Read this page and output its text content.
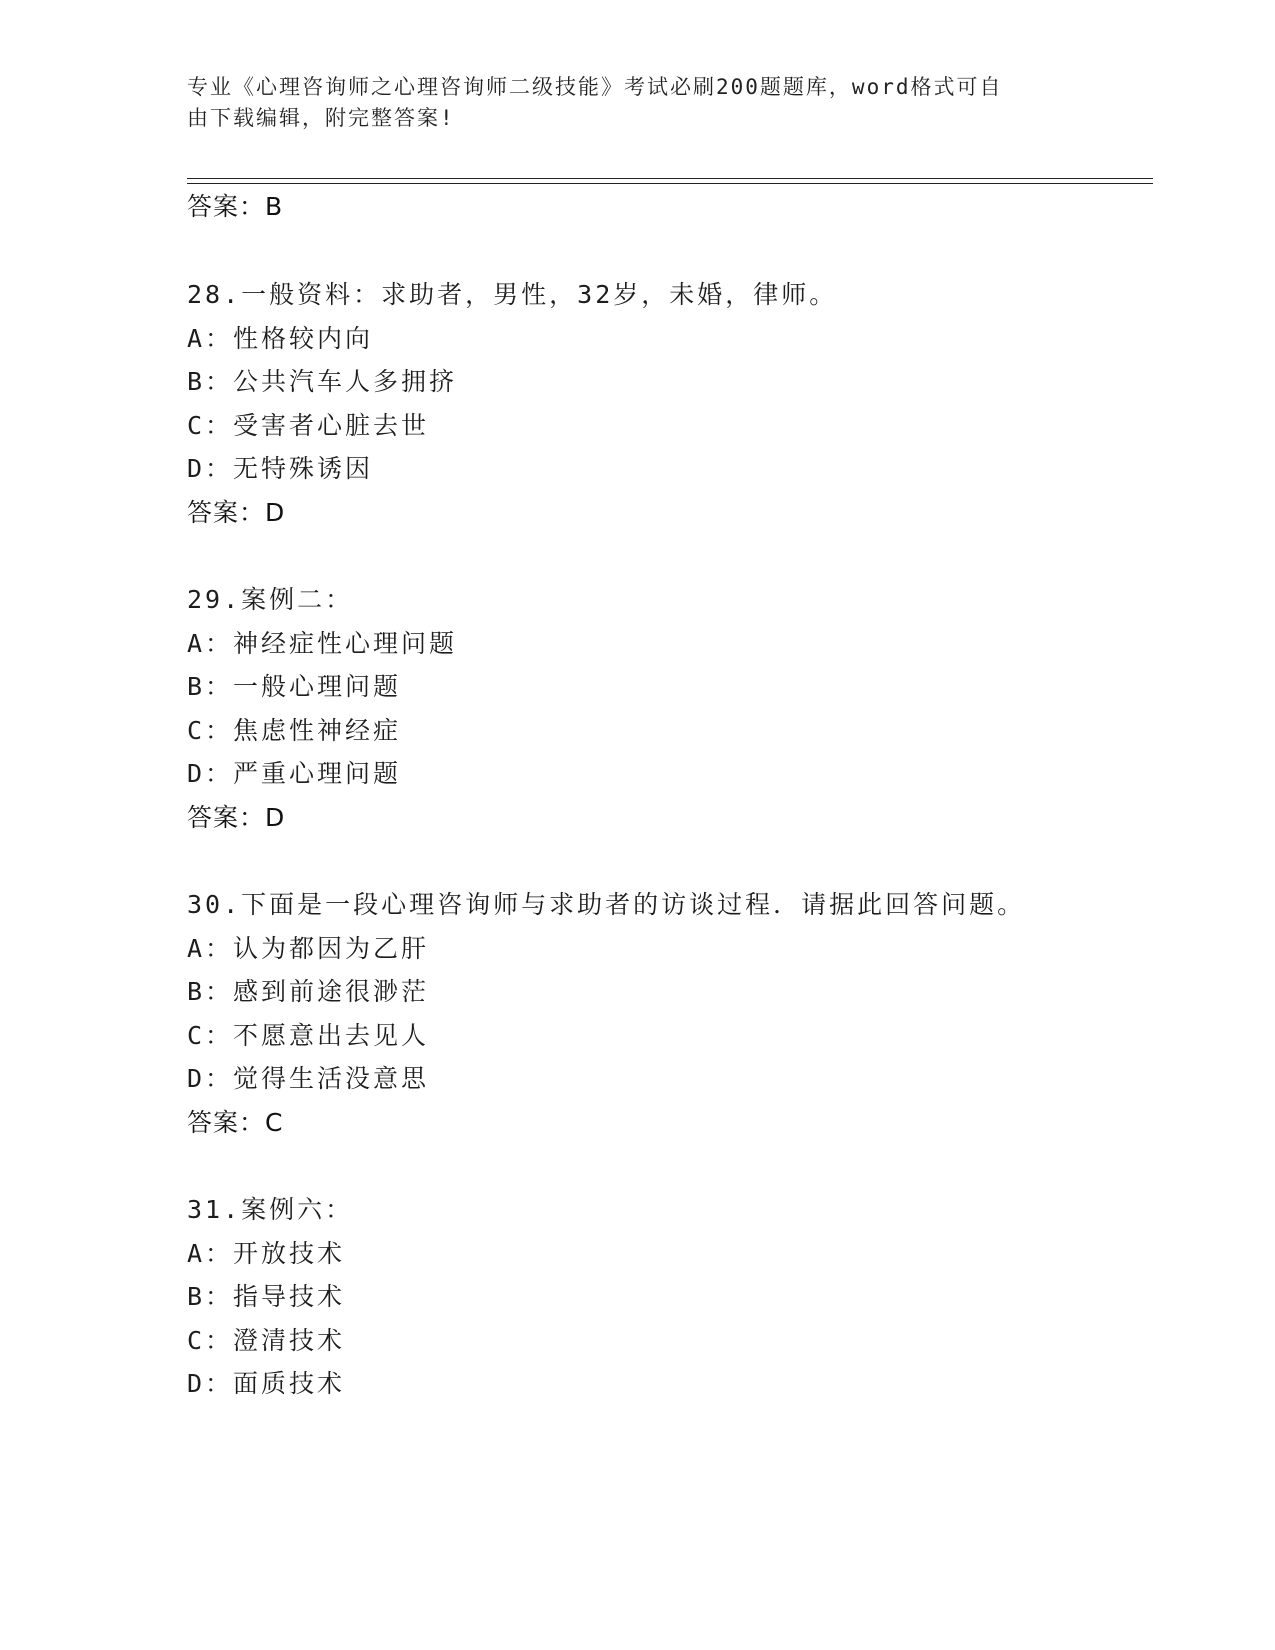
专业《心理咨询师之心理咨询师二级技能》考试必刷200题题库，word格式可自
由下载编辑，附完整答案!
答案：B
28.一般资料：求助者，男性，32岁，未婚，律师。
A：性格较内向
B：公共汽车人多拥挤
C：受害者心脏去世
D：无特殊诱因
答案：D
29.案例二：
A：神经症性心理问题
B：一般心理问题
C：焦虑性神经症
D：严重心理问题
答案：D
30.下面是一段心理咨询师与求助者的访谈过程．请据此回答问题。
A：认为都因为乙肝
B：感到前途很渺茫
C：不愿意出去见人
D：觉得生活没意思
答案：C
31.案例六：
A：开放技术
B：指导技术
C：澄清技术
D：面质技术
